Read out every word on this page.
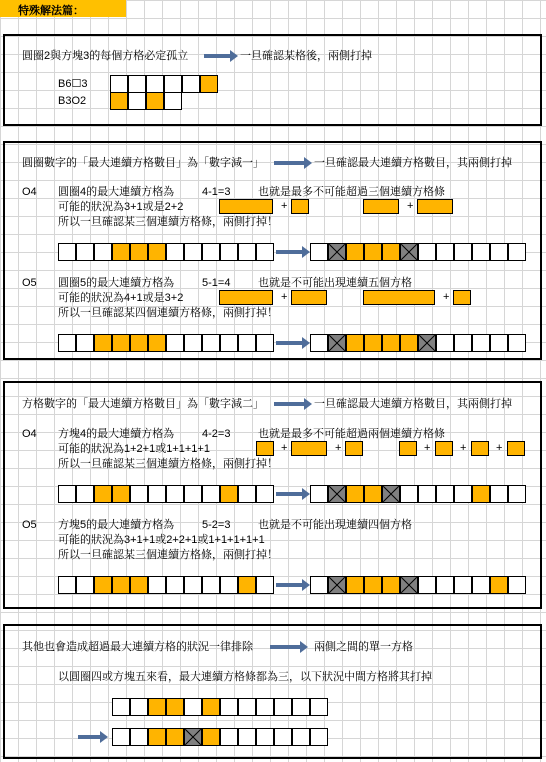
特殊解法篇：
圓圈2與方塊3的每個方格必定孤立	一旦確認某格後，兩側打掉
B6☐3
B3O2
圓圈數字的「最大連續方格數目」為「數字減一」	一旦確認最大連續方格數目，其兩側打掉
O4 圓圈4的最大連續方格為	4-1=3	也就是最多不可能超過三個連續方格條
可能的狀況為3+1或是2+2
所以一旦確認某三個連續方格條，兩側打掉！
+	+
O5 圓圈5的最大連續方格為	5-1=4	也就是不可能出現連續五個方格
可能的狀況為4+1或是3+2
所以一旦確認某四個連續方格條，兩側打掉！
+	+
方格數字的「最大連續方格數目」為「數字減二」	一旦確認最大連續方格數目，其兩側打掉
O4 方塊4的最大連續方格為	4-2=3	也就是最多不可能超過兩個連續方格條
可能的狀況為1+2+1或1+1+1+1
所以一旦確認某三個連續方格條，兩側打掉！
+	+	+	+	+
O5 方塊5的最大連續方格為	5-2=3	也就是不可能出現連續四個方格
可能的狀況為3+1+1或2+2+1或1+1+1+1+1
所以一旦確認某三個連續方格條，兩側打掉！
其他也會造成超過最大連續方格的狀況一律排除	兩側之間的單一方格
以圓圈四或方塊五來看，最大連續方格條都為三，以下狀況中間方格將其打掉
